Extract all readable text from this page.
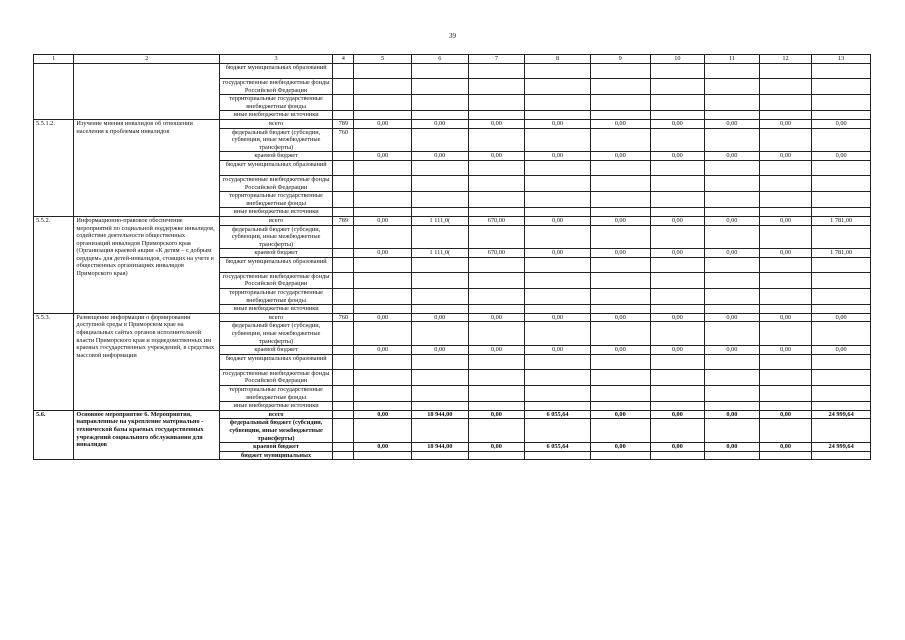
39
1	2	3	4	5	6	7	8	9	10	11	12	13
		бюджет муниципальных образований										
		государственные внебюджетные фонды Российской Федерации										
		территориальные государственные внебюджетные фонды										
		иные внебюджетные источники										
5.5.1.2.	Изучение мнения инвалидов об отношении населения к проблемам инвалидов	всего	789	0,00	0,00	0,00	0,00	0,00	0,00	0,00	0,00	0,00
		федеральный бюджет (субсидии, субвенции, иные межбюджетные трансферты)	760									
		краевой бюджет		0,00	0,00	0,00	0,00	0,00	0,00	0,00	0,00	0,00
		бюджет муниципальных образований										
		государственные внебюджетные фонды Российской Федерации										
		территориальные государственные внебюджетные фонды										
		иные внебюджетные источники										
5.5.2.	Информационно-правовое обеспечение мероприятий по социальной поддержке инвалидов, содействие деятельности общественных организаций инвалидов Приморского края (Организация краевой акции «К детям – с добрым сердцем» для детей-инвалидов, стоящих на учете в общественных организациях инвалидов Приморского края)	всего	789	0,00	1 111,0(	670,00	0,00	0,00	0,00	0,00	0,00	1 781,00
		федеральный бюджет (субсидии, субвенции, иные межбюджетные трансферты)										
		краевой бюджет		0,00	1 111,0(	670,00	0,00	0,00	0,00	0,00	0,00	1 781,00
		бюджет муниципальных образований										
		государственные внебюджетные фонды Российской Федерации										
		территориальные государственные внебюджетные фонды										
		иные внебюджетные источники										
5.5.3.	Размещение информации о формировании доступной среды в Приморском крае на официальных сайтах органов исполнительной власти Приморского края и подведомственных им краевых государственных учреждений, в средствах массовой информации	всего	760	0,00	0,00	0,00	0,00	0,00	0,00	0,00	0,00	0,00
		федеральный бюджет (субсидии, субвенции, иные межбюджетные трансферты)										
		краевой бюджет		0,00	0,00	0,00	0,00	0,00	0,00	0,00	0,00	0,00
		бюджет муниципальных образований										
		государственные внебюджетные фонды Российской Федерации										
		территориальные государственные внебюджетные фонды										
		иные внебюджетные источники										
5.6.	Основное мероприятие 6. Мероприятия, направленные на укрепление материально - технической базы краевых государственных учреждений социального обслуживания для инвалидов	всего		0,00	18 944,00	0,00	6 055,64	0,00	0,00	0,00	0,00	24 999,64
		федеральный бюджет (субсидии, субвенции, иные межбюджетные трансферты)										
		краевой бюджет		0,00	18 944,00	0,00	6 055,64	0,00	0,00	0,00	0,00	24 999,64
		бюджет муниципальных										
